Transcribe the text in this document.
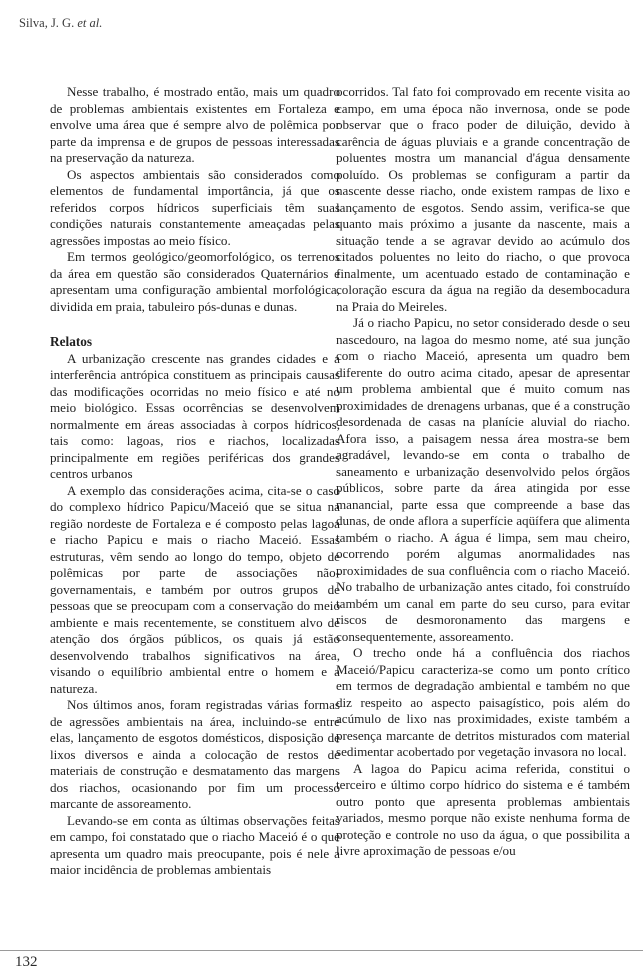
Silva, J. G. et al.

Nesse trabalho, é mostrado então, mais um quadro de problemas ambientais existentes em Fortaleza e envolve uma área que é sempre alvo de polêmica por parte da imprensa e de grupos de pessoas interessadas na preservação da natureza.

Os aspectos ambientais são considerados como elementos de fundamental importância, já que os referidos corpos hídricos superficiais têm suas condições naturais constantemente ameaçadas pelas agressões impostas ao meio físico.

Em termos geológico/geomorfológico, os terrenos da área em questão são considerados Quaternários e apresentam uma configuração ambiental morfológica, dividida em praia, tabuleiro pós-dunas e dunas.

Relatos

A urbanização crescente nas grandes cidades e a interferência antrópica constituem as principais causas das modificações ocorridas no meio físico e até no meio biológico. Essas ocorrências se desenvolvem normalmente em áreas associadas à corpos hídricos, tais como: lagoas, rios e riachos, localizadas principalmente em regiões periféricas dos grandes centros urbanos

A exemplo das considerações acima, cita-se o caso do complexo hídrico Papicu/Maceió que se situa na região nordeste de Fortaleza e é composto pelas lagoa e riacho Papicu e mais o riacho Maceió. Essas estruturas, vêm sendo ao longo do tempo, objeto de polêmicas por parte de associações não-governamentais, e também por outros grupos de pessoas que se preocupam com a conservação do meio ambiente e mais recentemente, se constituem alvo de atenção dos órgãos públicos, os quais já estão desenvolvendo trabalhos significativos na área, visando o equilíbrio ambiental entre o homem e a natureza.

Nos últimos anos, foram registradas várias formas de agressões ambientais na área, incluindo-se entre elas, lançamento de esgotos domésticos, disposição de lixos diversos e ainda a colocação de restos de materiais de construção e desmatamento das margens dos riachos, ocasionando por fim um processo marcante de assoreamento.

Levando-se em conta as últimas observações feitas em campo, foi constatado que o riacho Maceió é o que apresenta um quadro mais preocupante, pois é nele a maior incidência de problemas ambientais

ocorridos. Tal fato foi comprovado em recente visita ao campo, em uma época não invernosa, onde se pode observar que o fraco poder de diluição, devido à carência de águas pluviais e a grande concentração de poluentes mostra um manancial d'água densamente poluído. Os problemas se configuram a partir da nascente desse riacho, onde existem rampas de lixo e lançamento de esgotos. Sendo assim, verifica-se que quanto mais próximo a jusante da nascente, mais a situação tende a se agravar devido ao acúmulo dos citados poluentes no leito do riacho, o que provoca finalmente, um acentuado estado de contaminação e coloração escura da água na região da desembocadura na Praia do Meireles.

Já o riacho Papicu, no setor considerado desde o seu nascedouro, na lagoa do mesmo nome, até sua junção com o riacho Maceió, apresenta um quadro bem diferente do outro acima citado, apesar de apresentar um problema ambiental que é muito comum nas proximidades de drenagens urbanas, que é a construção desordenada de casas na planície aluvial do riacho. Afora isso, a paisagem nessa área mostra-se bem agradável, levando-se em conta o trabalho de saneamento e urbanização desenvolvido pelos órgãos públicos, sobre parte da área atingida por esse manancial, parte essa que compreende a base das dunas, de onde aflora a superfície aqüífera que alimenta também o riacho. A água é limpa, sem mau cheiro, ocorrendo porém algumas anormalidades nas proximidades de sua confluência com o riacho Maceió. No trabalho de urbanização antes citado, foi construído também um canal em parte do seu curso, para evitar riscos de desmoronamento das margens e consequentemente, assoreamento.

O trecho onde há a confluência dos riachos Maceió/Papicu caracteriza-se como um ponto crítico em termos de degradação ambiental e também no que diz respeito ao aspecto paisagístico, pois além do acúmulo de lixo nas proximidades, existe também a presença marcante de detritos misturados com material sedimentar acobertado por vegetação invasora no local.

A lagoa do Papicu acima referida, constitui o terceiro e último corpo hídrico do sistema e é também outro ponto que apresenta problemas ambientais variados, mesmo porque não existe nenhuma forma de proteção e controle no uso da água, o que possibilita a livre aproximação de pessoas e/ou

132
